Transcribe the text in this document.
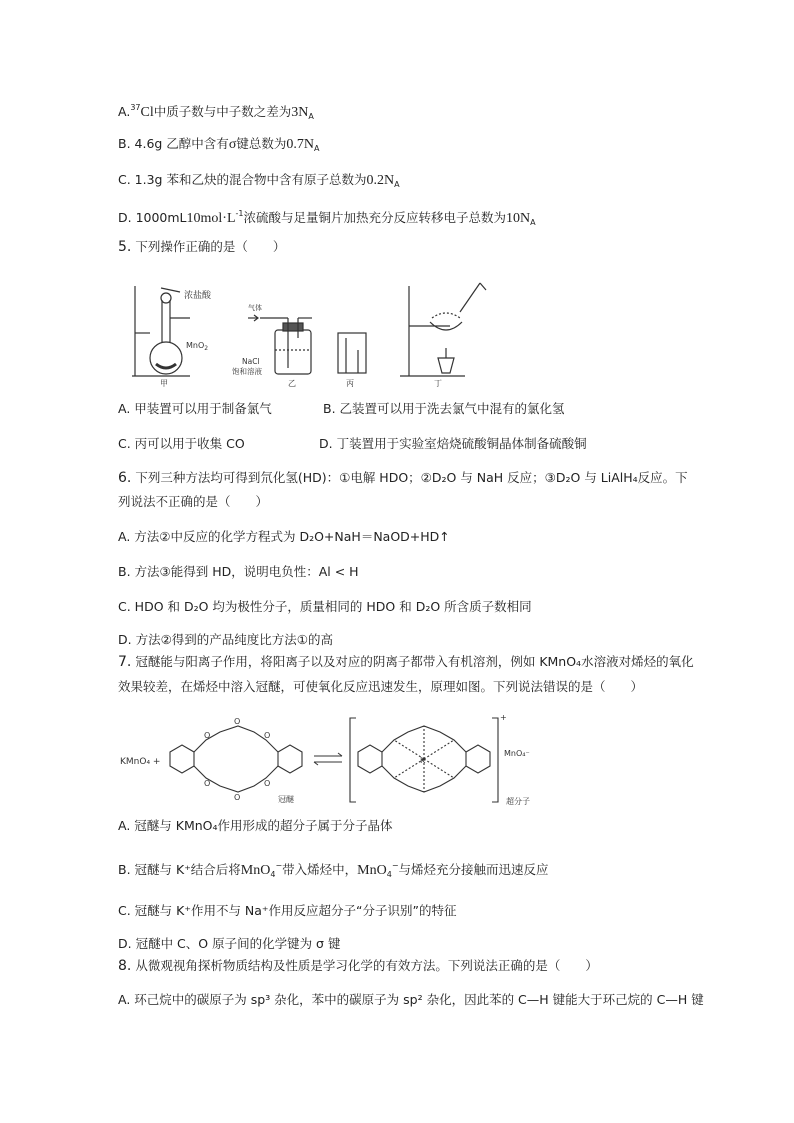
A.$^{37}$Cl中质子数与中子数之差为$3N_A$
B. 4.6g 乙醇中含有σ键总数为$0.7N_A$
C. 1.3g 苯和乙炔的混合物中含有原子总数为$0.2N_A$
D. $1000mL10mol\cdot L^{-1}$浓硫酸与足量铜片加热充分反应转移电子总数为$10N_A$
5. 下列操作正确的是（　　）
浓盐酸
MnO$_2$
甲
气体
NaCl
饱和溶液
乙	丙	丁
A. 甲装置可以用于制备氯气	B. 乙装置可以用于洗去氯气中混有的氯化氢
C. 丙可以用于收集 CO	D. 丁装置用于实验室焙烧硫酸铜晶体制备硫酸铜
6. 下列三种方法均可得到氘化氢(HD)：①电解 HDO；②D₂O 与 NaH 反应；③D₂O 与 LiAlH₄反应。下
列说法不正确的是（　　）
A. 方法②中反应的化学方程式为 D₂O+NaH＝NaOD+HD↑
B. 方法③能得到 HD，说明电负性：Al < H
C. HDO 和 D₂O 均为极性分子，质量相同的 HDO 和 D₂O 所含质子数相同
D. 方法②得到的产品纯度比方法①的高
7. 冠醚能与阳离子作用，将阳离子以及对应的阴离子都带入有机溶剂，例如 KMnO₄水溶液对烯烃的氧化
效果较差，在烯烃中溶入冠醚，可使氧化反应迅速发生，原理如图。下列说法错误的是（　　）
KMnO₄ +
O
O
O
O
O
O
冠醚
+
K
MnO₄⁻
超分子
A. 冠醚与 KMnO₄作用形成的超分子属于分子晶体
B. 冠醚与 K⁺结合后将MnO$_4$−带入烯烃中，MnO$_4$−与烯烃充分接触而迅速反应
C. 冠醚与 K⁺作用不与 Na⁺作用反应超分子“分子识别”的特征
D. 冠醚中 C、O 原子间的化学键为 σ 键
8. 从微观视角探析物质结构及性质是学习化学的有效方法。下列说法正确的是（　　）
A. 环己烷中的碳原子为 sp³ 杂化，苯中的碳原子为 sp² 杂化，因此苯的 C—H 键能大于环己烷的 C—H 键
